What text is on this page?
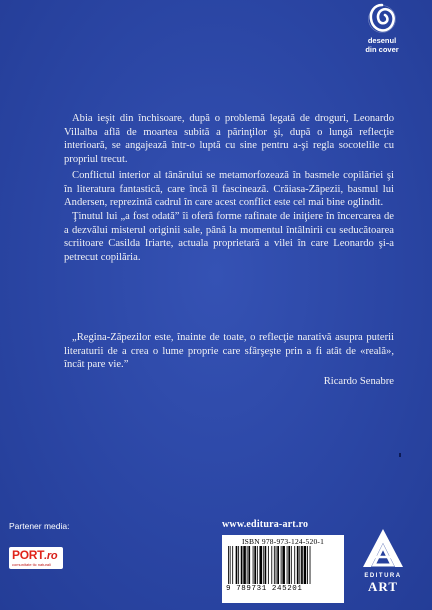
desenul
din cover

Abia ieşit din închisoare, după o problemă legată de droguri, Leonardo Villalba află de moartea subită a părinţilor şi, după o lungă reflecţie interioară, se angajează într-o luptă cu sine pentru a-şi regla socotelile cu propriul trecut.

Conflictul interior al tânărului se metamorfozează în basmele copilăriei şi în literatura fantastică, care încă îl fascinează. Crăiasa-Zăpezii, basmul lui Andersen, reprezintă cadrul în care acest conflict este cel mai bine oglindit.

Ţinutul lui „a fost odată” îi oferă forme rafinate de iniţiere în încercarea de a dezvălui misterul originii sale, până la momentul întâlnirii cu seducătoarea scriitoare Casilda Iriarte, actuala proprietară a vilei în care Leonardo şi-a petrecut copilăria.

„Regina-Zăpezilor este, înainte de toate, o reflecţie narativă asupra puterii literaturii de a crea o lume proprie care sfârşeşte prin a fi atât de «reală», încât pare vie.”

Ricardo Senabre
Partener media:
PORT.ro
comunitate tic naturali
www.editura-art.ro
ISBN 978-973-124-520-1
9 789731 245201
EDITURA
ART
